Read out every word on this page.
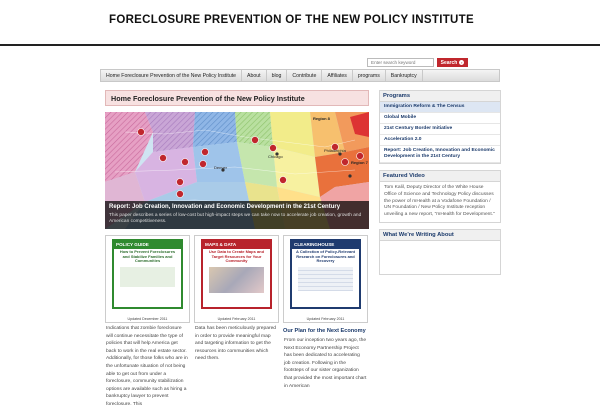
FORECLOSURE PREVENTION OF THE NEW POLICY INSTITUTE
Enter search keyword
Search ›
Home Foreclosure Prevention of the New Policy Institute	About	blog	Contribute	Affiliates	programs	Bankruptcy
Home Foreclosure Prevention of the New Policy Institute
Denver
Chicago
Philadelphia
Region 8
Region 7
Report: Job Creation, Innovation and Economic Development in the 21st Century
This paper describes a series of low-cost but high-impact steps we can take now to accelerate job creation, growth and American competitiveness.
POLICY GUIDE
How to Prevent Foreclosures and Stabilize Families and Communities
Updated December 2011
Indications that zombie foreclosure will continue necessitate the type of policies that will help America get back to work in the real estate sector. Additionally, for those folks who are in the unfortunate situation of not being able to get out from under a foreclosure, community stabilization options are available such as hiring a bankruptcy lawyer to prevent foreclosure. This
MAPS & DATA
Use Data to Create Maps and Target Resources for Your Community
Updated February 2011
Data has been meticulously prepared in order to provide meaningful map and targeting information to get the resources into communities which need them.
CLEARINGHOUSE
A Collection of Policy-Relevant Research on Foreclosures and Recovery
Updated February 2011
Our Plan for the Next Economy
From our inception two years ago, the Next Economy Partnership Project has been dedicated to accelerating job creation. Following in the footsteps of our sister organization that provided the most important chart in American
Programs
Immigration Reform & The Census
Global Mobile
21st Century Border Initiative
Acceleration 2.0
Report: Job Creation, Innovation and Economic Development in the 21st Century
Featured Video
Tom Kalil, Deputy Director of the White House Office of Science and Technology Policy discusses the power of mHealth at a Vodafone Foundation / UN Foundation / New Policy Institute reception unveiling a new report, "mHealth for Development."
What We're Writing About
